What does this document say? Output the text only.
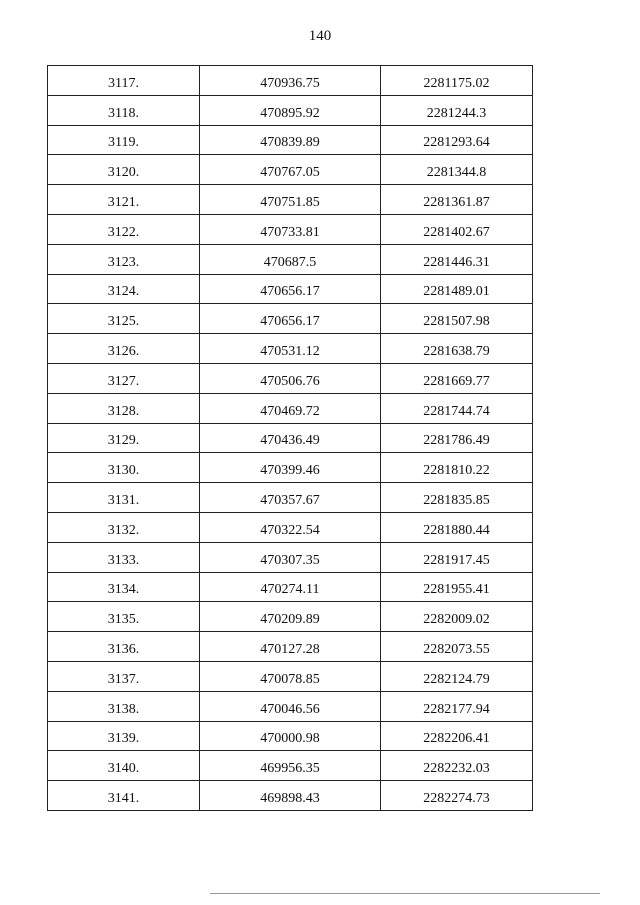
140
3117.	470936.75	2281175.02
3118.	470895.92	2281244.3
3119.	470839.89	2281293.64
3120.	470767.05	2281344.8
3121.	470751.85	2281361.87
3122.	470733.81	2281402.67
3123.	470687.5	2281446.31
3124.	470656.17	2281489.01
3125.	470656.17	2281507.98
3126.	470531.12	2281638.79
3127.	470506.76	2281669.77
3128.	470469.72	2281744.74
3129.	470436.49	2281786.49
3130.	470399.46	2281810.22
3131.	470357.67	2281835.85
3132.	470322.54	2281880.44
3133.	470307.35	2281917.45
3134.	470274.11	2281955.41
3135.	470209.89	2282009.02
3136.	470127.28	2282073.55
3137.	470078.85	2282124.79
3138.	470046.56	2282177.94
3139.	470000.98	2282206.41
3140.	469956.35	2282232.03
3141.	469898.43	2282274.73
